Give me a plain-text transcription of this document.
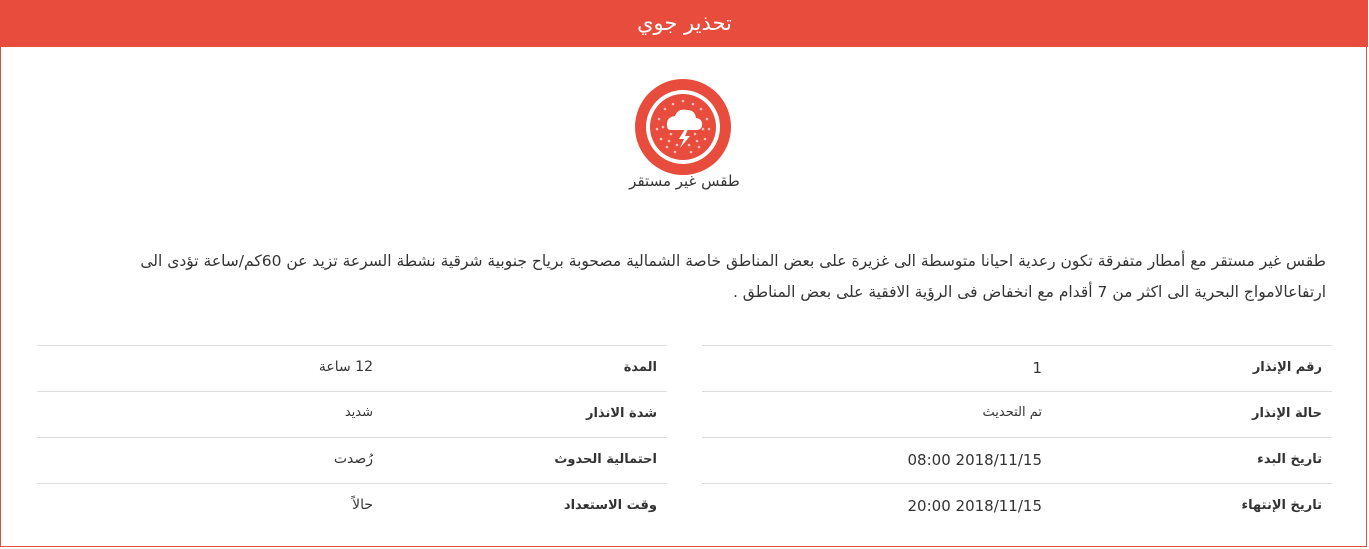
تحذير جوي
طقس غير مستقر
طقس غير مستقر مع أمطار متفرقة تكون رعدية احيانا متوسطة الى غزيرة على بعض المناطق خاصة الشمالية مصحوبة برياح جنوبية شرقية نشطة السرعة تزيد عن 60كم/ساعة تؤدى الى
ارتفاعالامواج البحرية الى اكثر من 7 أقدام مع انخفاض فى الرؤية الافقية على بعض المناطق .
رقم الإنذار
1
حالة الإنذار
تم التحديث
تاريخ البدء
2018/11/15 08:00
تاريخ الإنتهاء
2018/11/15 20:00
المدة
12 ساعة
شدة الانذار
شديد
احتمالية الحدوث
رُصدت
وقت الاستعداد
حالاً
